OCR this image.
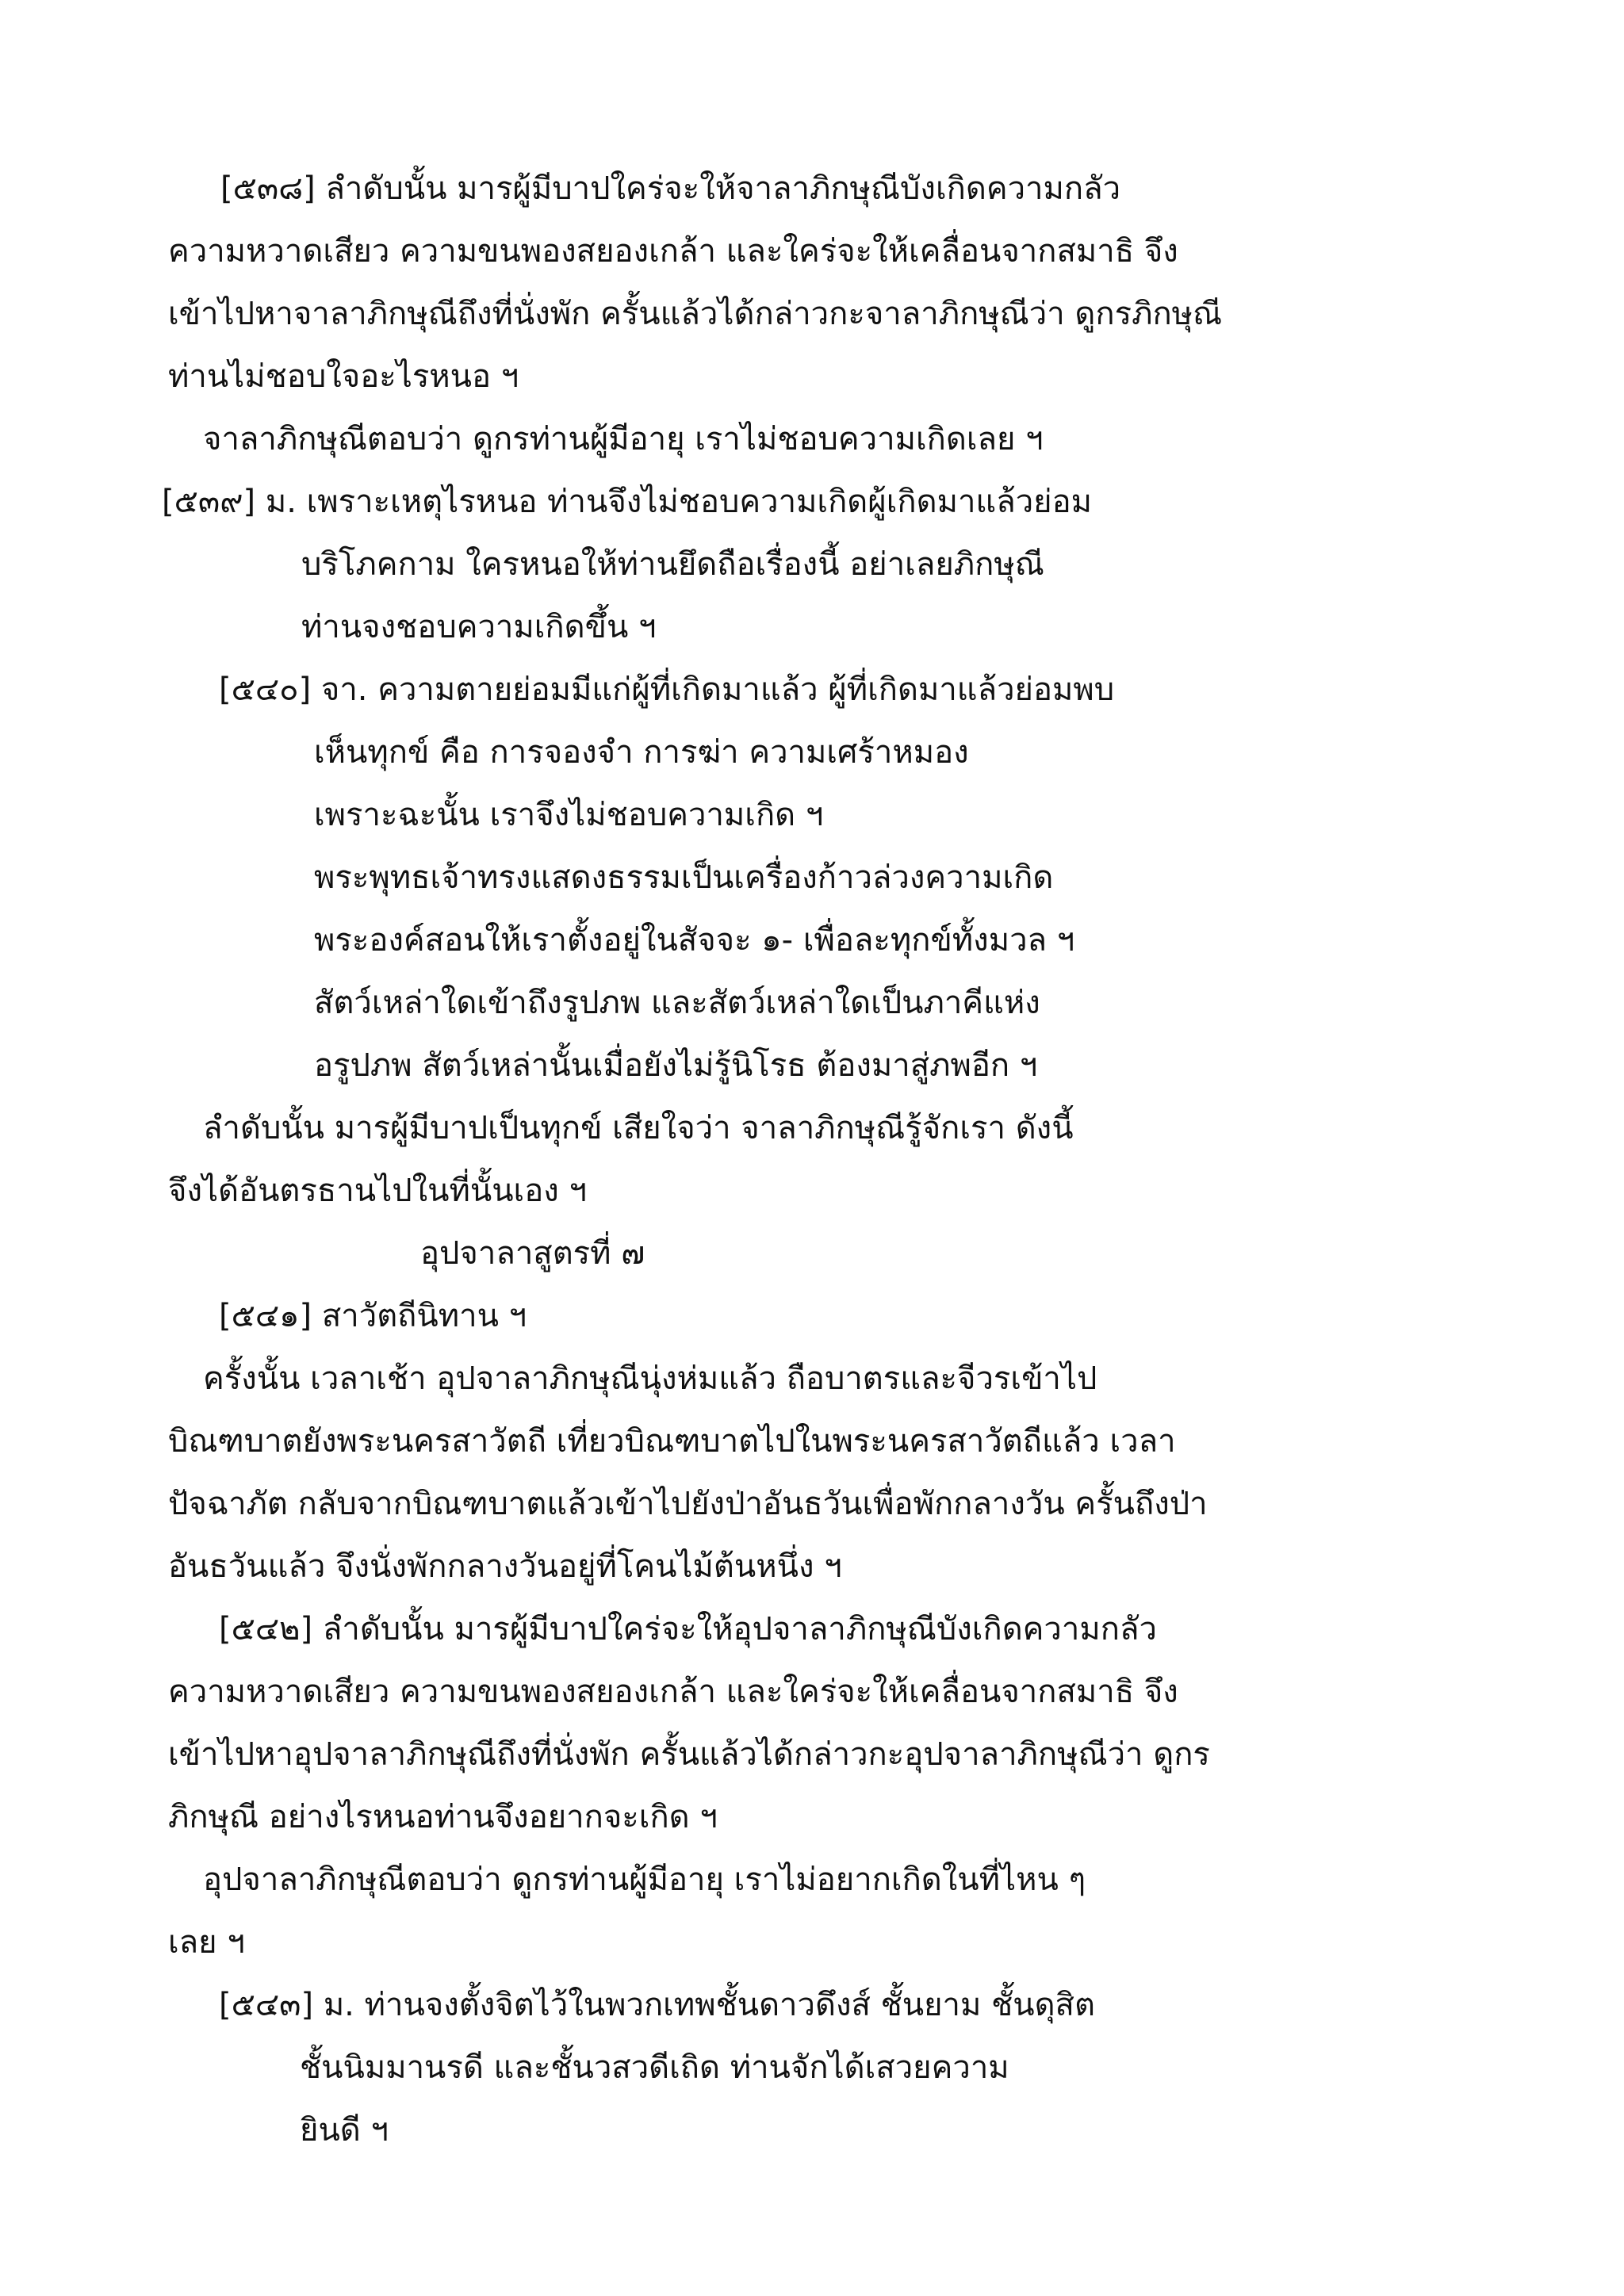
[๕๓๘] ลำดับนั้น มารผู้มีบาปใคร่จะให้จาลาภิกษุณีบังเกิดความกลัว

ความหวาดเสียว ความขนพองสยองเกล้า และใคร่จะให้เคลื่อนจากสมาธิ จึง

เข้าไปหาจาลาภิกษุณีถึงที่นั่งพัก ครั้นแล้วได้กล่าวกะจาลาภิกษุณีว่า ดูกรภิกษุณี

ท่านไม่ชอบใจอะไรหนอ ฯ

จาลาภิกษุณีตอบว่า ดูกรท่านผู้มีอายุ เราไม่ชอบความเกิดเลย ฯ

[๕๓๙] ม. เพราะเหตุไรหนอ ท่านจึงไม่ชอบความเกิดผู้เกิดมาแล้วย่อม

บริโภคกาม ใครหนอให้ท่านยึดถือเรื่องนี้ อย่าเลยภิกษุณี

ท่านจงชอบความเกิดขึ้น ฯ

[๕๔๐] จา. ความตายย่อมมีแก่ผู้ที่เกิดมาแล้ว ผู้ที่เกิดมาแล้วย่อมพบ

เห็นทุกข์ คือ การจองจำ การฆ่า ความเศร้าหมอง

เพราะฉะนั้น เราจึงไม่ชอบความเกิด ฯ

พระพุทธเจ้าทรงแสดงธรรมเป็นเครื่องก้าวล่วงความเกิด

พระองค์สอนให้เราตั้งอยู่ในสัจจะ ๑- เพื่อละทุกข์ทั้งมวล ฯ

สัตว์เหล่าใดเข้าถึงรูปภพ และสัตว์เหล่าใดเป็นภาคีแห่ง

อรูปภพ สัตว์เหล่านั้นเมื่อยังไม่รู้นิโรธ ต้องมาสู่ภพอีก ฯ

ลำดับนั้น มารผู้มีบาปเป็นทุกข์ เสียใจว่า จาลาภิกษุณีรู้จักเรา ดังนี้

จึงได้อันตรธานไปในที่นั้นเอง ฯ

อุปจาลาสูตรที่ ๗

[๕๔๑] สาวัตถีนิทาน ฯ

ครั้งนั้น เวลาเช้า อุปจาลาภิกษุณีนุ่งห่มแล้ว ถือบาตรและจีวรเข้าไป

บิณฑบาตยังพระนครสาวัตถี เที่ยวบิณฑบาตไปในพระนครสาวัตถีแล้ว เวลา

ปัจฉาภัต กลับจากบิณฑบาตแล้วเข้าไปยังป่าอันธวันเพื่อพักกลางวัน ครั้นถึงป่า

อันธวันแล้ว จึงนั่งพักกลางวันอยู่ที่โคนไม้ต้นหนึ่ง ฯ

[๕๔๒] ลำดับนั้น มารผู้มีบาปใคร่จะให้อุปจาลาภิกษุณีบังเกิดความกลัว

ความหวาดเสียว ความขนพองสยองเกล้า และใคร่จะให้เคลื่อนจากสมาธิ จึง

เข้าไปหาอุปจาลาภิกษุณีถึงที่นั่งพัก ครั้นแล้วได้กล่าวกะอุปจาลาภิกษุณีว่า ดูกร

ภิกษุณี อย่างไรหนอท่านจึงอยากจะเกิด ฯ

อุปจาลาภิกษุณีตอบว่า ดูกรท่านผู้มีอายุ เราไม่อยากเกิดในที่ไหน ๆ

เลย ฯ

[๕๔๓] ม. ท่านจงตั้งจิตไว้ในพวกเทพชั้นดาวดึงส์ ชั้นยาม ชั้นดุสิต

ชั้นนิมมานรดี และชั้นวสวดีเถิด ท่านจักได้เสวยความ

ยินดี ฯ
